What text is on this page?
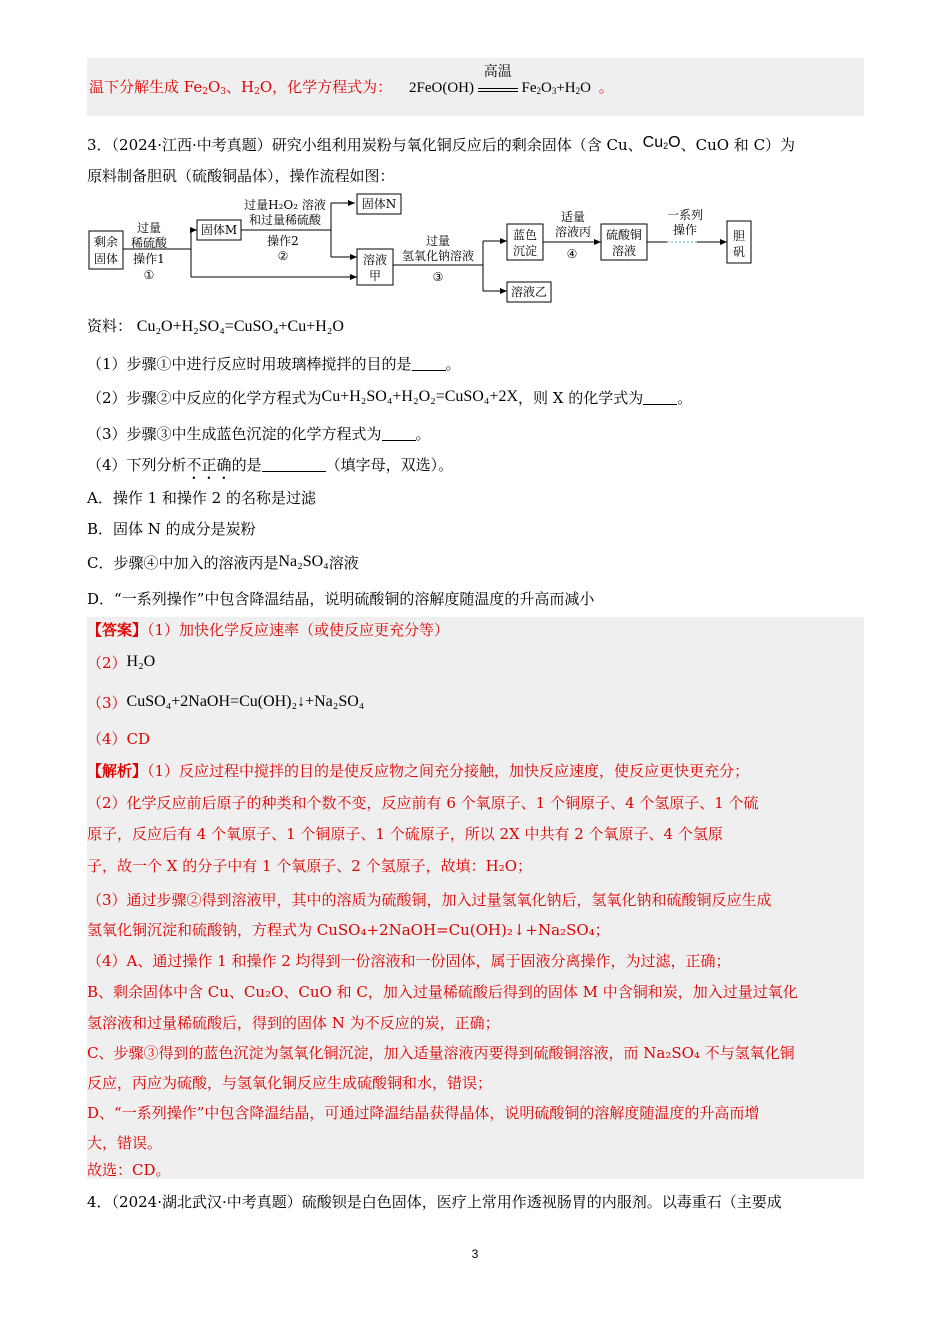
温下分解生成 $Fe_2O_3$、$H_2O$，化学方程式为： 2FeO(OH)
高温
$Fe_2O_3+H_2O$ 。
3．（2024·江西·中考真题）研究小组利用炭粉与氧化铜反应后的剩余固体（含 Cu、$Cu_2O$、CuO 和 C）为
原料制备胆矾（硫酸铜晶体），操作流程如图：
剩余
固体
过量
稀硫酸
操作1
①
固体M
过量H₂O₂ 溶液
和过量稀硫酸
操作2
②
固体N
溶液
甲
过量
氢氧化钠溶液
③
蓝色
沉淀
溶液乙
适量
溶液丙
④
硫酸铜
溶液
一系列
操作	胆
矾
资料： Cu₂O+H₂SO₄=CuSO₄+Cu+H₂O
（1）步骤①中进行反应时用玻璃棒搅拌的目的是 。
（2）步骤②中反应的化学方程式为Cu+H₂SO₄+H₂O₂=CuSO₄+2X，则 X 的化学式为 。
（3）步骤③中生成蓝色沉淀的化学方程式为 。
（4）下列分析不正确的是	（填字母，双选）。
A．操作 1 和操作 2 的名称是过滤
B．固体 N 的成分是炭粉
C．步骤④中加入的溶液丙是Na₂SO₄溶液
D．“一系列操作”中包含降温结晶，说明硫酸铜的溶解度随温度的升高而减小
【答案】（1）加快化学反应速率（或使反应更充分等）
（2）H₂O
（3）CuSO₄+2NaOH=Cu(OH)₂↓+Na₂SO₄
（4）CD
【解析】（1）反应过程中搅拌的目的是使反应物之间充分接触，加快反应速度，使反应更快更充分；
（2）化学反应前后原子的种类和个数不变，反应前有 6 个氧原子、1 个铜原子、4 个氢原子、1 个硫
原子，反应后有 4 个氧原子、1 个铜原子、1 个硫原子，所以 2X 中共有 2 个氧原子、4 个氢原
子，故一个 X 的分子中有 1 个氧原子、2 个氢原子，故填：H₂O；
（3）通过步骤②得到溶液甲，其中的溶质为硫酸铜，加入过量氢氧化钠后，氢氧化钠和硫酸铜反应生成
氢氧化铜沉淀和硫酸钠，方程式为 CuSO₄+2NaOH=Cu(OH)₂↓+Na₂SO₄；
（4）A、通过操作 1 和操作 2 均得到一份溶液和一份固体，属于固液分离操作，为过滤，正确；
B、剩余固体中含 Cu、Cu₂O、CuO 和 C，加入过量稀硫酸后得到的固体 M 中含铜和炭，加入过量过氧化
氢溶液和过量稀硫酸后，得到的固体 N 为不反应的炭，正确；
C、步骤③得到的蓝色沉淀为氢氧化铜沉淀，加入适量溶液丙要得到硫酸铜溶液，而 Na₂SO₄ 不与氢氧化铜
反应，丙应为硫酸，与氢氧化铜反应生成硫酸铜和水，错误；
D、“一系列操作”中包含降温结晶，可通过降温结晶获得晶体，说明硫酸铜的溶解度随温度的升高而增
大，错误。
故选：CD。
4．（2024·湖北武汉·中考真题）硫酸钡是白色固体，医疗上常用作透视肠胃的内服剂。以毒重石（主要成
3
